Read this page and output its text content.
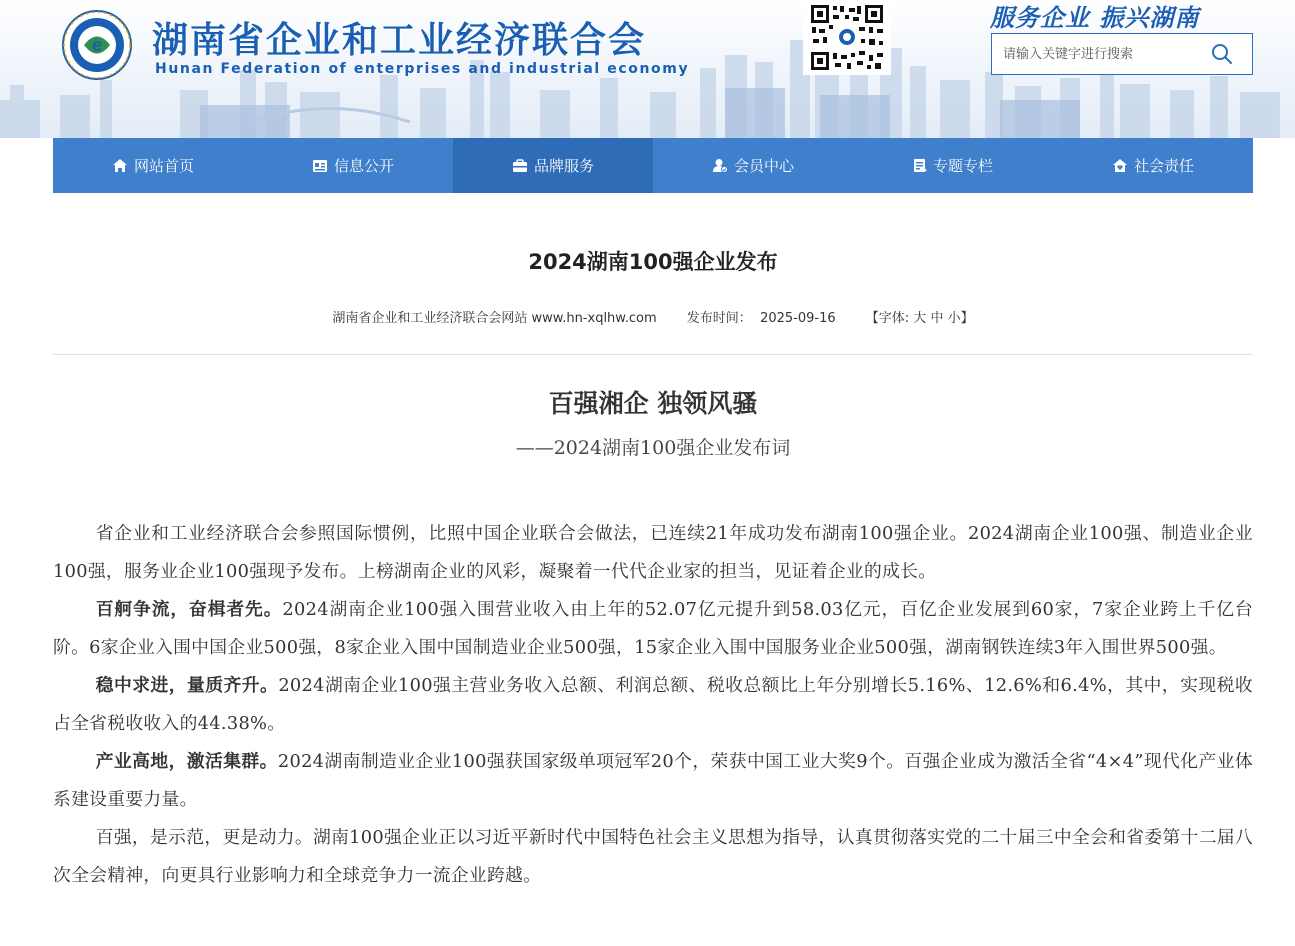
e 湖南省企业和工业经济联合会
Hunan Federation of enterprises and industrial economy
服务企业 振兴湖南
请输入关键字进行搜索
网站首页	信息公开	品牌服务	会员中心	专题专栏	社会责任
2024湖南100强企业发布
湖南省企业和工业经济联合会网站 www.hn-xqlhw.com 发布时间： 2025-09-16 【字体: 大 中 小】
百强湘企 独领风骚
——2024湖南100强企业发布词

省企业和工业经济联合会参照国际惯例，比照中国企业联合会做法，已连续21年成功发布湖南100强企业。2024湖南企业100强、制造业企业100强，服务业企业100强现予发布。上榜湖南企业的风彩，凝聚着一代代企业家的担当，见证着企业的成长。

百舸争流，奋楫者先。2024湖南企业100强入围营业收入由上年的52.07亿元提升到58.03亿元，百亿企业发展到60家，7家企业跨上千亿台阶。6家企业入围中国企业500强，8家企业入围中国制造业企业500强，15家企业入围中国服务业企业500强，湖南钢铁连续3年入围世界500强。

稳中求进，量质齐升。2024湖南企业100强主营业务收入总额、利润总额、税收总额比上年分别增长5.16%、12.6%和6.4%，其中，实现税收占全省税收收入的44.38%。

产业高地，激活集群。2024湖南制造业企业100强获国家级单项冠军20个，荣获中国工业大奖9个。百强企业成为激活全省“4×4”现代化产业体系建设重要力量。

百强，是示范，更是动力。湖南100强企业正以习近平新时代中国特色社会主义思想为指导，认真贯彻落实党的二十届三中全会和省委第十二届八次全会精神，向更具行业影响力和全球竞争力一流企业跨越。
